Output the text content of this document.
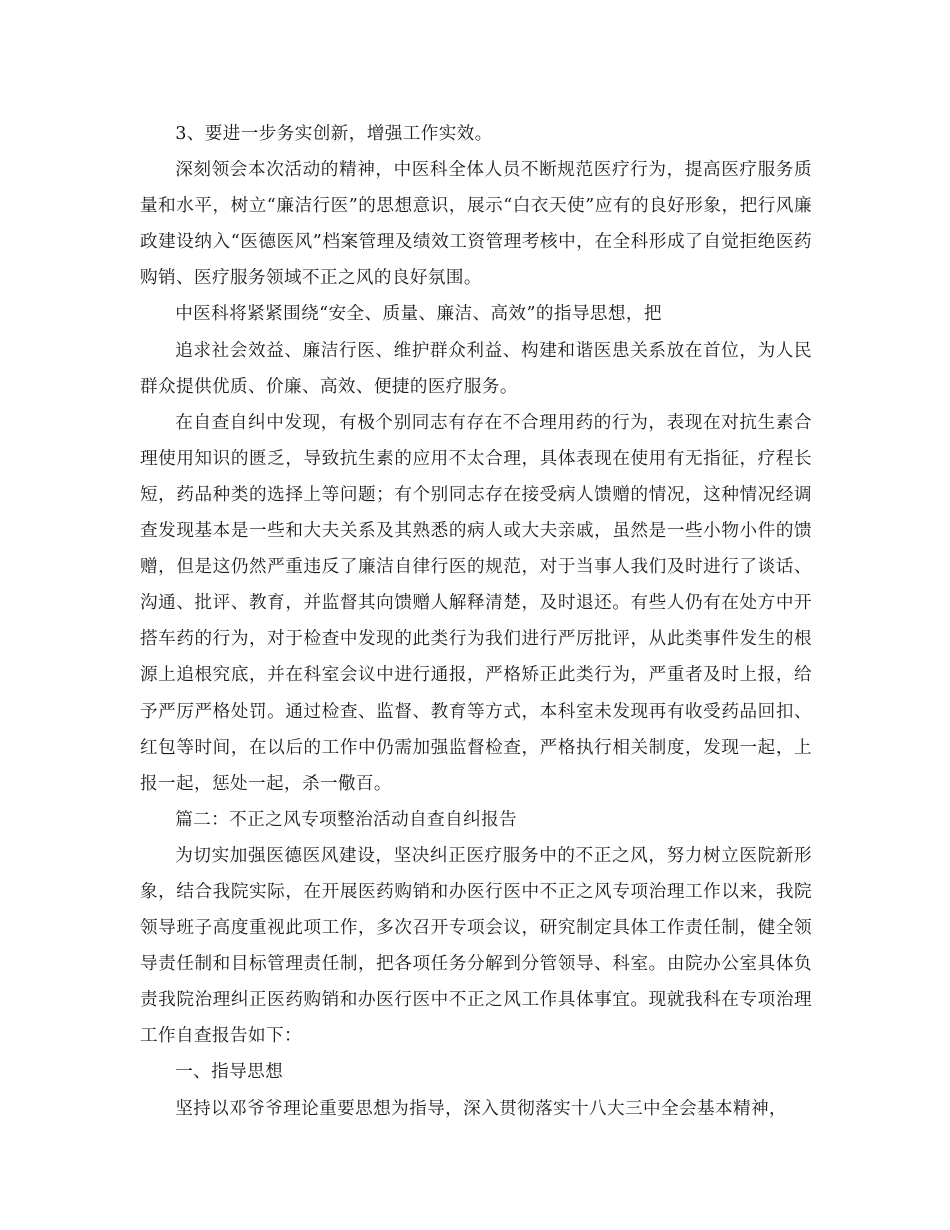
3、要进一步务实创新，增强工作实效。

深刻领会本次活动的精神，中医科全体人员不断规范医疗行为，提高医疗服务质量和水平，树立“廉洁行医”的思想意识，展示“白衣天使”应有的良好形象，把行风廉政建设纳入“医德医风”档案管理及绩效工资管理考核中，在全科形成了自觉拒绝医药购销、医疗服务领域不正之风的良好氛围。

中医科将紧紧围绕“安全、质量、廉洁、高效”的指导思想，把

追求社会效益、廉洁行医、维护群众利益、构建和谐医患关系放在首位，为人民群众提供优质、价廉、高效、便捷的医疗服务。

在自查自纠中发现，有极个别同志有存在不合理用药的行为，表现在对抗生素合理使用知识的匮乏，导致抗生素的应用不太合理，具体表现在使用有无指征，疗程长短，药品种类的选择上等问题；有个别同志存在接受病人馈赠的情况，这种情况经调查发现基本是一些和大夫关系及其熟悉的病人或大夫亲戚，虽然是一些小物小件的馈赠，但是这仍然严重违反了廉洁自律行医的规范，对于当事人我们及时进行了谈话、沟通、批评、教育，并监督其向馈赠人解释清楚，及时退还。有些人仍有在处方中开搭车药的行为，对于检查中发现的此类行为我们进行严厉批评，从此类事件发生的根源上追根究底，并在科室会议中进行通报，严格矫正此类行为，严重者及时上报，给予严厉严格处罚。通过检查、监督、教育等方式，本科室未发现再有收受药品回扣、红包等时间，在以后的工作中仍需加强监督检查，严格执行相关制度，发现一起，上报一起，惩处一起，杀一儆百。

篇二：不正之风专项整治活动自查自纠报告

为切实加强医德医风建设，坚决纠正医疗服务中的不正之风，努力树立医院新形象，结合我院实际，在开展医药购销和办医行医中不正之风专项治理工作以来，我院领导班子高度重视此项工作，多次召开专项会议，研究制定具体工作责任制，健全领导责任制和目标管理责任制，把各项任务分解到分管领导、科室。由院办公室具体负责我院治理纠正医药购销和办医行医中不正之风工作具体事宜。现就我科在专项治理工作自查报告如下：

一、指导思想

坚持以邓爷爷理论重要思想为指导，深入贯彻落实十八大三中全会基本精神，
